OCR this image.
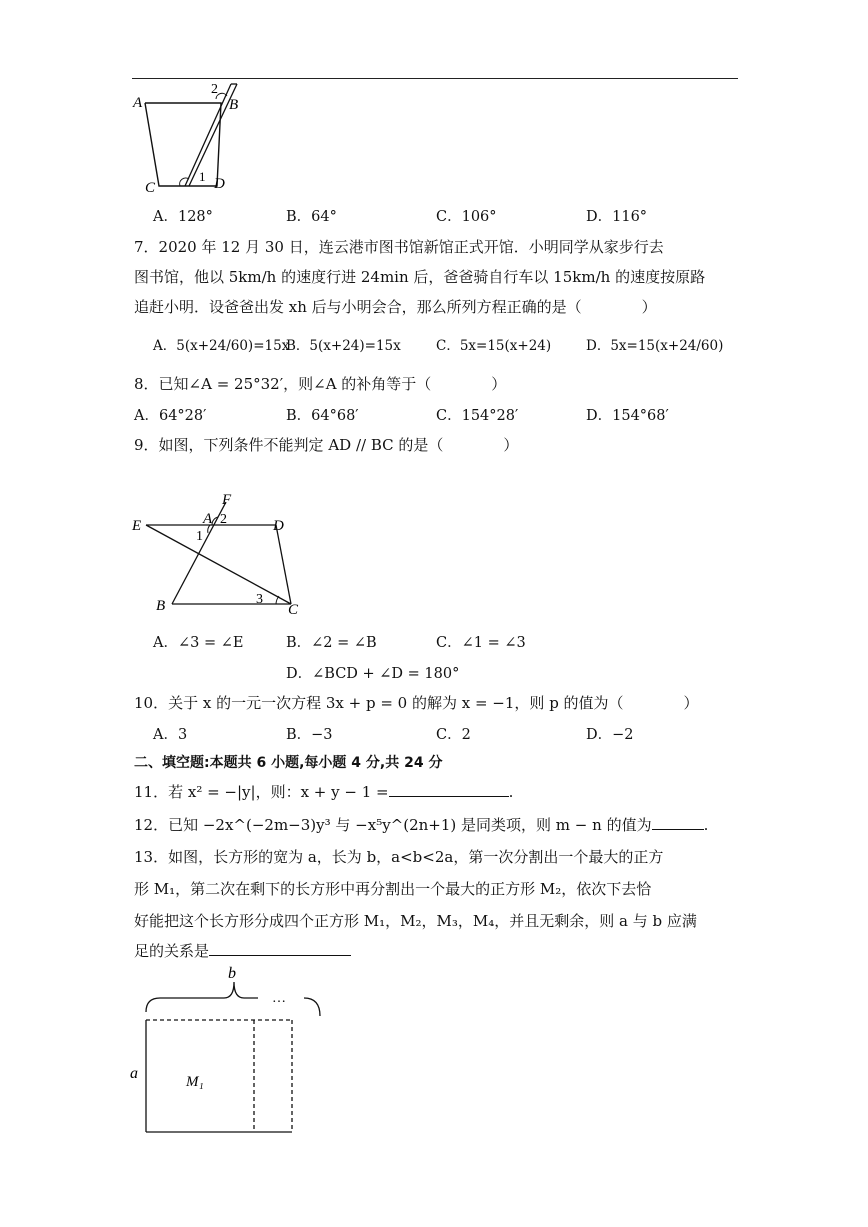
A	B
2
C	D
1
A．128°	B．64°	C．106°	D．116°
7．2020 年 12 月 30 日，连云港市图书馆新馆正式开馆．小明同学从家步行去
图书馆，他以 5km/h 的速度行进 24min 后，爸爸骑自行车以 15km/h 的速度按原路
追赶小明．设爸爸出发 xh 后与小明会合，那么所列方程正确的是（　　　　）
A．5(x+24/60)=15x
B．5(x+24)=15x	C．5x=15(x+24)	D．5x=15(x+24/60)
8．已知∠A = 25°32′，则∠A 的补角等于（　　　　）
A．64°28′	B．64°68′	C．154°28′	D．154°68′
9．如图，下列条件不能判定 AD // BC 的是（　　　　）
E
F
A 2
1
D
B	3
C
A．∠3 = ∠E	B．∠2 = ∠B	C．∠1 = ∠3
D．∠BCD + ∠D = 180°
10．关于 x 的一元一次方程 3x + p = 0 的解为 x = −1，则 p 的值为（　　　　）
A．3	B．−3	C．2	D．−2
二、填空题:本题共 6 小题,每小题 4 分,共 24 分
11．若 x² = −|y|，则：x + y − 1 =	.
12．已知 −2x^(−2m−3)y³ 与 −x⁵y^(2n+1) 是同类项，则 m − n 的值为	.
13．如图，长方形的宽为 a，长为 b，a<b<2a，第一次分割出一个最大的正方
形 M₁，第二次在剩下的长方形中再分割出一个最大的正方形 M₂，依次下去恰
好能把这个长方形分成四个正方形 M₁，M₂，M₃，M₄，并且无剩余，则 a 与 b 应满
足的关系是
b
…
a	M₁
